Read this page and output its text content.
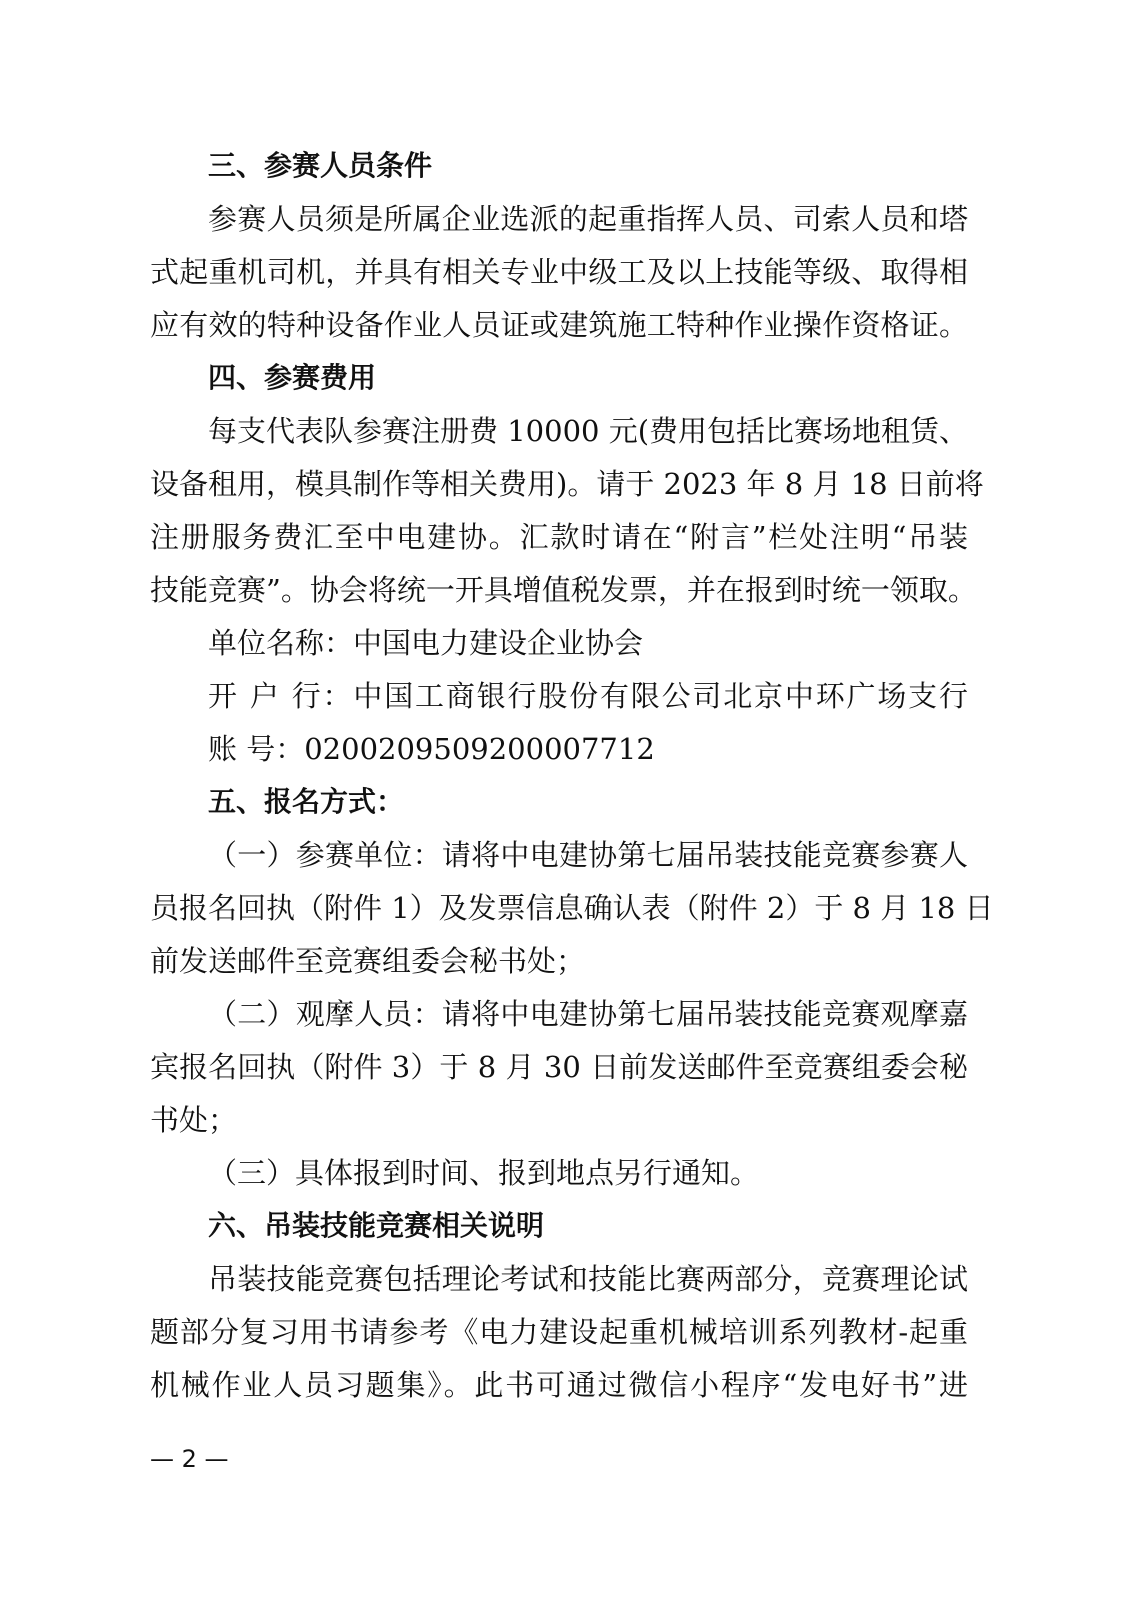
三、参赛人员条件
参赛人员须是所属企业选派的起重指挥人员、司索人员和塔
式起重机司机，并具有相关专业中级工及以上技能等级、取得相
应有效的特种设备作业人员证或建筑施工特种作业操作资格证。
四、参赛费用
每支代表队参赛注册费 10000 元(费用包括比赛场地租赁、
设备租用，模具制作等相关费用)。请于 2023 年 8 月 18 日前将
注册服务费汇至中电建协。汇款时请在“附言”栏处注明“吊装
技能竞赛”。协会将统一开具增值税发票，并在报到时统一领取。
单位名称：中国电力建设企业协会
开 户 行：中国工商银行股份有限公司北京中环广场支行
账 号：0200209509200007712
五、报名方式：
（一）参赛单位：请将中电建协第七届吊装技能竞赛参赛人
员报名回执（附件 1）及发票信息确认表（附件 2）于 8 月 18 日
前发送邮件至竞赛组委会秘书处；
（二）观摩人员：请将中电建协第七届吊装技能竞赛观摩嘉
宾报名回执（附件 3）于 8 月 30 日前发送邮件至竞赛组委会秘
书处；
（三）具体报到时间、报到地点另行通知。
六、吊装技能竞赛相关说明
吊装技能竞赛包括理论考试和技能比赛两部分，竞赛理论试
题部分复习用书请参考《电力建设起重机械培训系列教材-起重
机械作业人员习题集》。此书可通过微信小程序“发电好书”进
— 2 —
